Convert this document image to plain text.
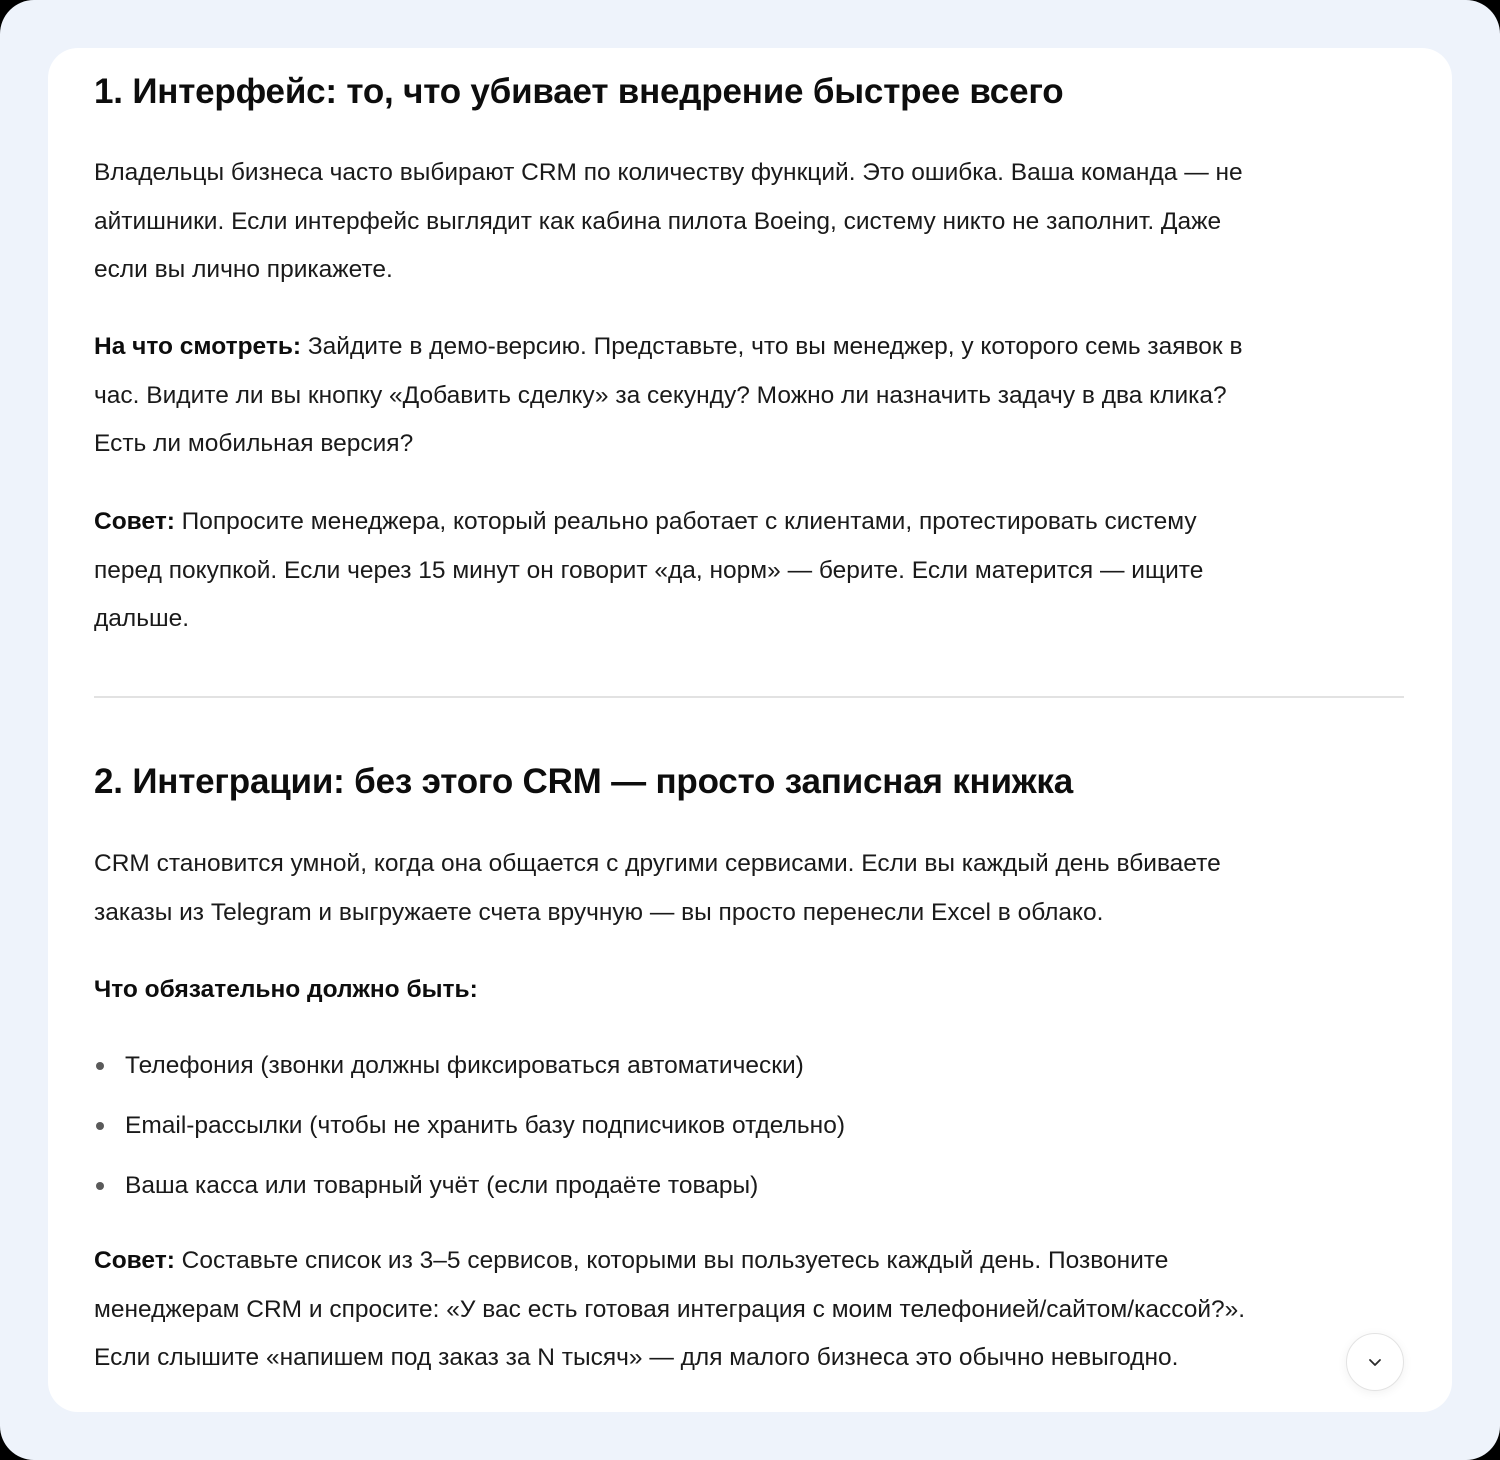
1. Интерфейс: то, что убивает внедрение быстрее всего

Владельцы бизнеса часто выбирают CRM по количеству функций. Это ошибка. Ваша команда — не
айтишники. Если интерфейс выглядит как кабина пилота Boeing, систему никто не заполнит. Даже
если вы лично прикажете.

На что смотреть: Зайдите в демо-версию. Представьте, что вы менеджер, у которого семь заявок в
час. Видите ли вы кнопку «Добавить сделку» за секунду? Можно ли назначить задачу в два клика?
Есть ли мобильная версия?

Совет: Попросите менеджера, который реально работает с клиентами, протестировать систему
перед покупкой. Если через 15 минут он говорит «да, норм» — берите. Если матерится — ищите
дальше.

2. Интеграции: без этого CRM — просто записная книжка

CRM становится умной, когда она общается с другими сервисами. Если вы каждый день вбиваете
заказы из Telegram и выгружаете счета вручную — вы просто перенесли Excel в облако.

Что обязательно должно быть:
Телефония (звонки должны фиксироваться автоматически)
Email-рассылки (чтобы не хранить базу подписчиков отдельно)
Ваша касса или товарный учёт (если продаёте товары)

Совет: Составьте список из 3–5 сервисов, которыми вы пользуетесь каждый день. Позвоните
менеджерам CRM и спросите: «У вас есть готовая интеграция с моим телефонией/сайтом/кассой?».
Если слышите «напишем под заказ за N тысяч» — для малого бизнеса это обычно невыгодно.
